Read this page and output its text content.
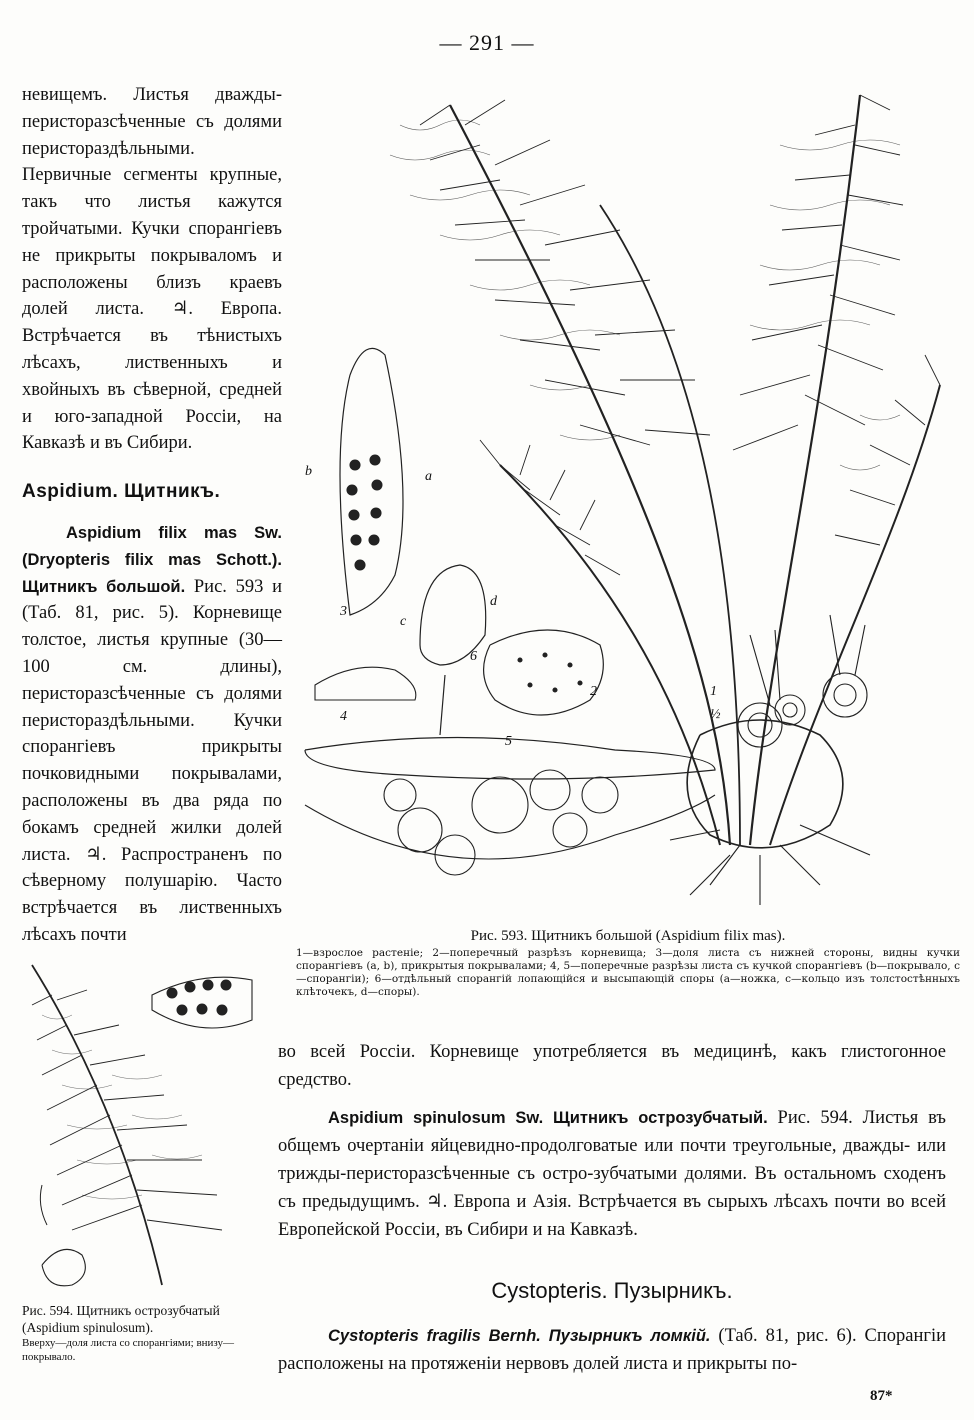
— 291 —

невищемъ. Листья дважды-перисторазсѣченные съ долями перистораздѣльными. Первичные сегменты крупные, такъ что листья кажутся тройчатыми. Кучки спорангіевъ не прикрыты покрываломъ и расположены близъ краевъ долей листа. ♃. Европа. Встрѣчается въ тѣнистыхъ лѣсахъ, лиственныхъ и хвойныхъ въ сѣверной, средней и юго-западной Россіи, на Кавказѣ и въ Сибири.

Aspidium. Щитникъ.

Aspidium filix mas Sw. (Dryopteris filix mas Schott.). Щитникъ большой. Рис. 593 и (Таб. 81, рис. 5). Корневище толстое, листья крупные (30—100 см. длины), перисторазсѣченные съ долями перистораздѣльными. Кучки спорангіевъ прикрыты почковидными покрывалами, расположены въ два ряда по бокамъ средней жилки долей листа. ♃. Распространенъ по сѣверному полушарію. Часто встрѣчается въ лиственныхъ лѣсахъ почти

3
4
5
6
2	1
½
a
b
c
d

Рис. 593. Щитникъ большой (Aspidium filix mas).

1—взрослое растеніе; 2—поперечный разрѣзъ корневища; 3—доля листа съ нижней стороны, видны кучки спорангіевъ (a, b), прикрытыя покрывалами; 4, 5—поперечные разрѣзы листа съ кучкой спорангіевъ (b—покрывало, c—спорангіи); 6—отдѣльный спорангій лопающійся и высыпающій споры (a—ножка, c—кольцо изъ толстостѣнныхъ клѣточекъ, d—споры).

Рис. 594. Щитникъ острозубчатый (Aspidium spinulosum).
Вверху—доля листа со спорангіями; внизу—покрывало.

во всей Россіи. Корневище употребляется въ медицинѣ, какъ глистогонное средство.

Aspidium spinulosum Sw. Щитникъ острозубчатый. Рис. 594. Листья въ общемъ очертаніи яйцевидно-продолговатые или почти треугольные, дважды- или трижды-перисторазсѣченные съ остро-зубчатыми долями. Въ остальномъ сходенъ съ предыдущимъ. ♃. Европа и Азія. Встрѣчается въ сырыхъ лѣсахъ почти во всей Европейской Россіи, въ Сибири и на Кавказѣ.

Cystopteris. Пузырникъ.
Cystopteris fragilis Bernh. Пузырникъ ломкій. (Таб. 81, рис. 6). Спорангіи расположены на протяженіи нервовъ долей листа и прикрыты по-
87*
